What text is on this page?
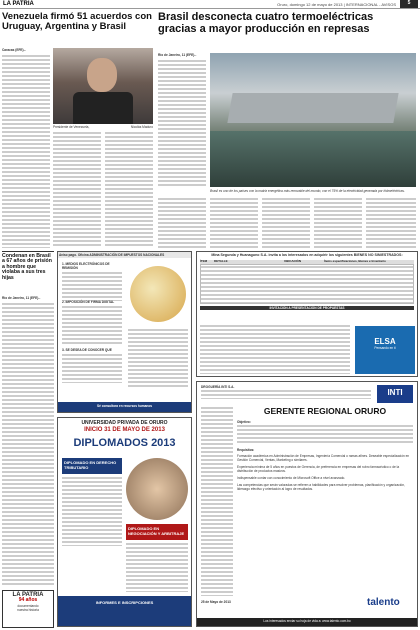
LA PATRIA	Oruro, domingo 12 de mayo de 2013 | INTERNACIONAL - AVISOS	5
Venezuela firmó 51 acuerdos con Uruguay, Argentina y Brasil
Caracas (EFE).-
Presidente de Venezuela,	Nicolás Maduro
Brasil desconecta cuatro termoeléctricas gracias a mayor producción en represas
Río de Janeiro, 11 (EFE).-
Brasil es uno de los países con la matriz energética más renovable del mundo, con el 75% de la electricidad generada por hidroeléctricas.
Condenan en Brasil a 67 años de prisión a hombre que violaba a sus tres hijas
Río de Janeiro, 11 (EFE).-
LA PATRIA
94 años
documentando
nuestra historia
Aviso pago. Oficina ADMINISTRACIÓN DE IMPUESTOS NACIONALES
1. MEDIOS ELECTRÓNICOS DE REMISIÓN
2. IMPOSICIÓN DE FIRMA DIGITAL
3. SE DESEA DE CONOCER QUE
Sé consultora en recursos humanos
UNIVERSIDAD PRIVADA DE ORURO
INICIO 31 DE MAYO DE 2013
DIPLOMADOS 2013
DIPLOMADO EN DERECHO TRIBUTARIO
DIPLOMADO EN NEGOCIACIÓN Y ARBITRAJE
INFORMES E INSCRIPCIONES
Mina Segunda y Huanaguno S.A. invita a los interesados en adquirir los siguientes BIENES NO SINIESTRADOS:
ÍTEM	DETALLE	UBICACIÓN	Ítems especificaciones, Bienes e Inventario
INVITACIÓN A PRESENTACIÓN DE PROPUESTAS
ELSA
Pensando en ti
DROGUERÍA INTI S.A.
INTI
GERENTE REGIONAL ORURO
Objetivo:
Requisitos:
Formación académica en Administración de Empresas, Ingeniería Comercial o ramas afines. Deseable especialización en Gestión Comercial, Ventas, Marketing o similares.
Experiencia mínima de 5 años en puestos de Gerencia, de preferencia en empresas del rubro farmacéutico o de la distribución de productos masivos.
Indispensable contar con conocimiento de Microsoft Office a nivel avanzado.
Las competencias que serán valoradas se refieren a habilidades para resolver problemas, planificación y organización, liderazgo efectivo y orientación al logro de resultados.
25 de Mayo de 2013	talento
Los interesados enviar su hoja de vida a: www.talento.com.bo
